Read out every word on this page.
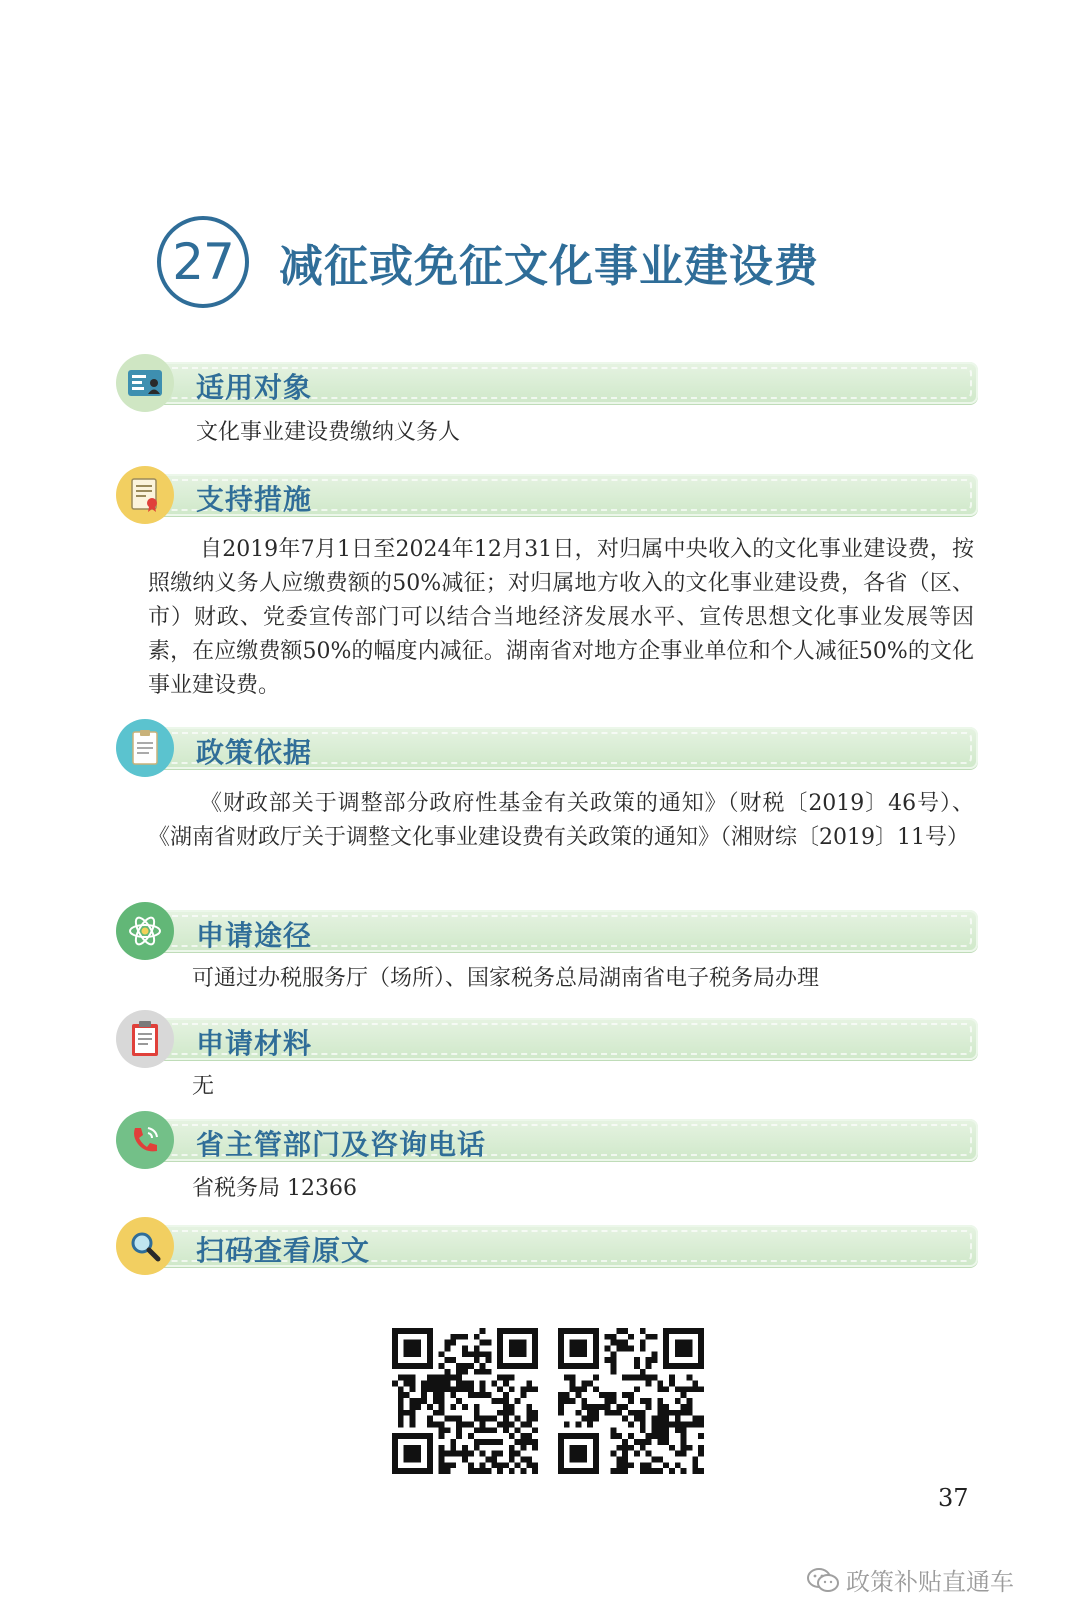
27	减征或免征文化事业建设费
适用对象
文化事业建设费缴纳义务人
支持措施
自2019年7月1日至2024年12月31日，对归属中央收入的文化事业建设费，按照缴纳义务人应缴费额的50%减征；对归属地方收入的文化事业建设费，各省（区、市）财政、党委宣传部门可以结合当地经济发展水平、宣传思想文化事业发展等因素，在应缴费额50%的幅度内减征。湖南省对地方企事业单位和个人减征50%的文化事业建设费。
政策依据
《财政部关于调整部分政府性基金有关政策的通知》（财税〔2019〕46号）、《湖南省财政厅关于调整文化事业建设费有关政策的通知》（湘财综〔2019〕11号）
申请途径
可通过办税服务厅（场所）、国家税务总局湖南省电子税务局办理
申请材料
无
省主管部门及咨询电话
省税务局 12366
扫码查看原文
37
政策补贴直通车
